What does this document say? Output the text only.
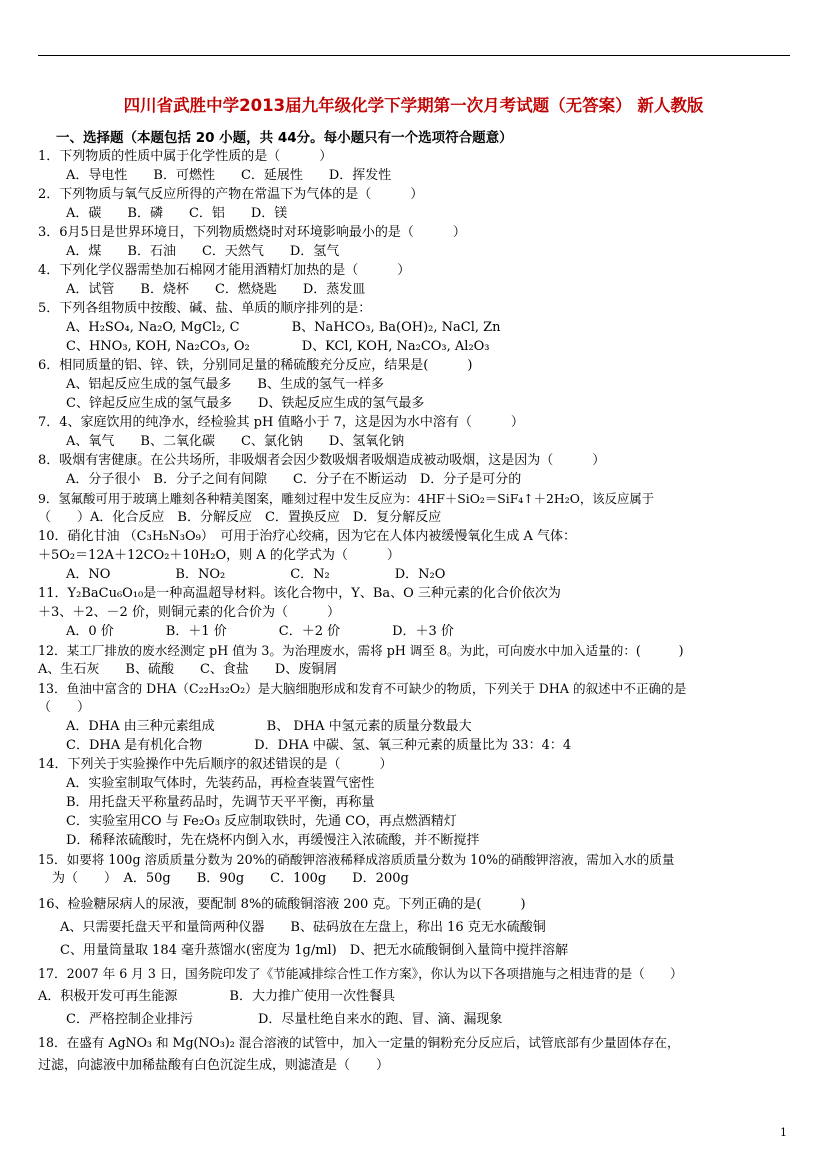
四川省武胜中学2013届九年级化学下学期第一次月考试题（无答案） 新人教版
一、选择题（本题包括 20 小题，共 44分。每小题只有一个选项符合题意）
1．下列物质的性质中属于化学性质的是（　　　）
A．导电性　　B．可燃性　　C．延展性　　D．挥发性
2．下列物质与氧气反应所得的产物在常温下为气体的是（　　　）
A．碳　　B．磷　　C．铝　　D．镁
3．6月5日是世界环境日，下列物质燃烧时对环境影响最小的是（　　　）
A．煤　　B．石油　　C．天然气　　D．氢气
4．下列化学仪器需垫加石棉网才能用酒精灯加热的是（　　　）
A．试管　　B．烧杯　　C．燃烧匙　　D．蒸发皿
5．下列各组物质中按酸、碱、盐、单质的顺序排列的是：
A、H₂SO₄, Na₂O, MgCl₂, C　　　　B、NaHCO₃, Ba(OH)₂, NaCl, Zn
C、HNO₃, KOH, Na₂CO₃, O₂　　　　D、KCl, KOH, Na₂CO₃, Al₂O₃
6．相同质量的铝、锌、铁，分别同足量的稀硫酸充分反应，结果是(　　　)
A、铝起反应生成的氢气最多　　B、生成的氢气一样多
C、锌起反应生成的氢气最多　　D、铁起反应生成的氢气最多
7．4、家庭饮用的纯净水，经检验其 pH 值略小于 7，这是因为水中溶有（　　　）
A、氧气　　B、二氧化碳　　C、氯化钠　　D、氢氧化钠
8．吸烟有害健康。在公共场所，非吸烟者会因少数吸烟者吸烟造成被动吸烟，这是因为（　　　）
A．分子很小　B．分子之间有间隙　　C．分子在不断运动　D．分子是可分的
9．氢氟酸可用于玻璃上雕刻各种精美图案，雕刻过程中发生反应为：4HF＋SiO₂＝SiF₄↑＋2H₂O，该反应属于
（　　）A．化合反应　B．分解反应　C．置换反应　D．复分解反应
10．硝化甘油 （C₃H₅N₃O₉）　可用于治疗心绞痛，因为它在人体内被缓慢氧化生成 A 气体：
＋5O₂＝12A＋12CO₂＋10H₂O，则 A 的化学式为（　　　）
A．NO　　　　　B．NO₂　　　　　C．N₂　　　　　D．N₂O
11．Y₂BaCu₆O₁₀是一种高温超导材料。该化合物中，Y、Ba、O 三种元素的化合价依次为
＋3、＋2、－2 价，则铜元素的化合价为（　　　）
A．0 价　　　　B．＋1 价　　　　C．＋2 价　　　　D．＋3 价
12．某工厂排放的废水经测定 pH 值为 3。为治理废水，需将 pH 调至 8。为此，可向废水中加入适量的：(　　　)
A、生石灰　　B、硫酸　　C、食盐　　D、废铜屑
13．鱼油中富含的 DHA（C₂₂H₃₂O₂）是大脑细胞形成和发育不可缺少的物质，下列关于 DHA 的叙述中不正确的是
（　　）
A．DHA 由三种元素组成　　　　B、 DHA 中氢元素的质量分数最大
C．DHA 是有机化合物　　　　D．DHA 中碳、氢、氧三种元素的质量比为 33：4：4
14．下列关于实验操作中先后顺序的叙述错误的是（　　　）
A．实验室制取气体时，先装药品，再检查装置气密性
B．用托盘天平称量药品时，先调节天平平衡，再称量
C．实验室用CO 与 Fe₂O₃ 反应制取铁时，先通 CO，再点燃酒精灯
D．稀释浓硫酸时，先在烧杯内倒入水，再缓慢注入浓硫酸，并不断搅拌
15．如要将 100g 溶质质量分数为 20%的硝酸钾溶液稀释成溶质质量分数为 10%的硝酸钾溶液，需加入水的质量
为（　　）　A．50g　　B．90g　　C．100g　　D．200g
16、检验糖尿病人的尿液，要配制 8%的硫酸铜溶液 200 克。下列正确的是(　　　)
A、只需要托盘天平和量筒两种仪器　　B、砝码放在左盘上，称出 16 克无水硫酸铜
C、用量筒量取 184 毫升蒸馏水(密度为 1g/ml)　D、把无水硫酸铜倒入量筒中搅拌溶解
17．2007 年 6 月 3 日，国务院印发了《节能减排综合性工作方案》，你认为以下各项措施与之相违背的是（　　）
A．积极开发可再生能源　　　　B．大力推广使用一次性餐具
C．严格控制企业排污　　　　　D．尽量杜绝自来水的跑、冒、滴、漏现象
18．在盛有 AgNO₃ 和 Mg(NO₃)₂ 混合溶液的试管中，加入一定量的铜粉充分反应后，试管底部有少量固体存在，
过滤，向滤液中加稀盐酸有白色沉淀生成，则滤渣是（　　）
1
